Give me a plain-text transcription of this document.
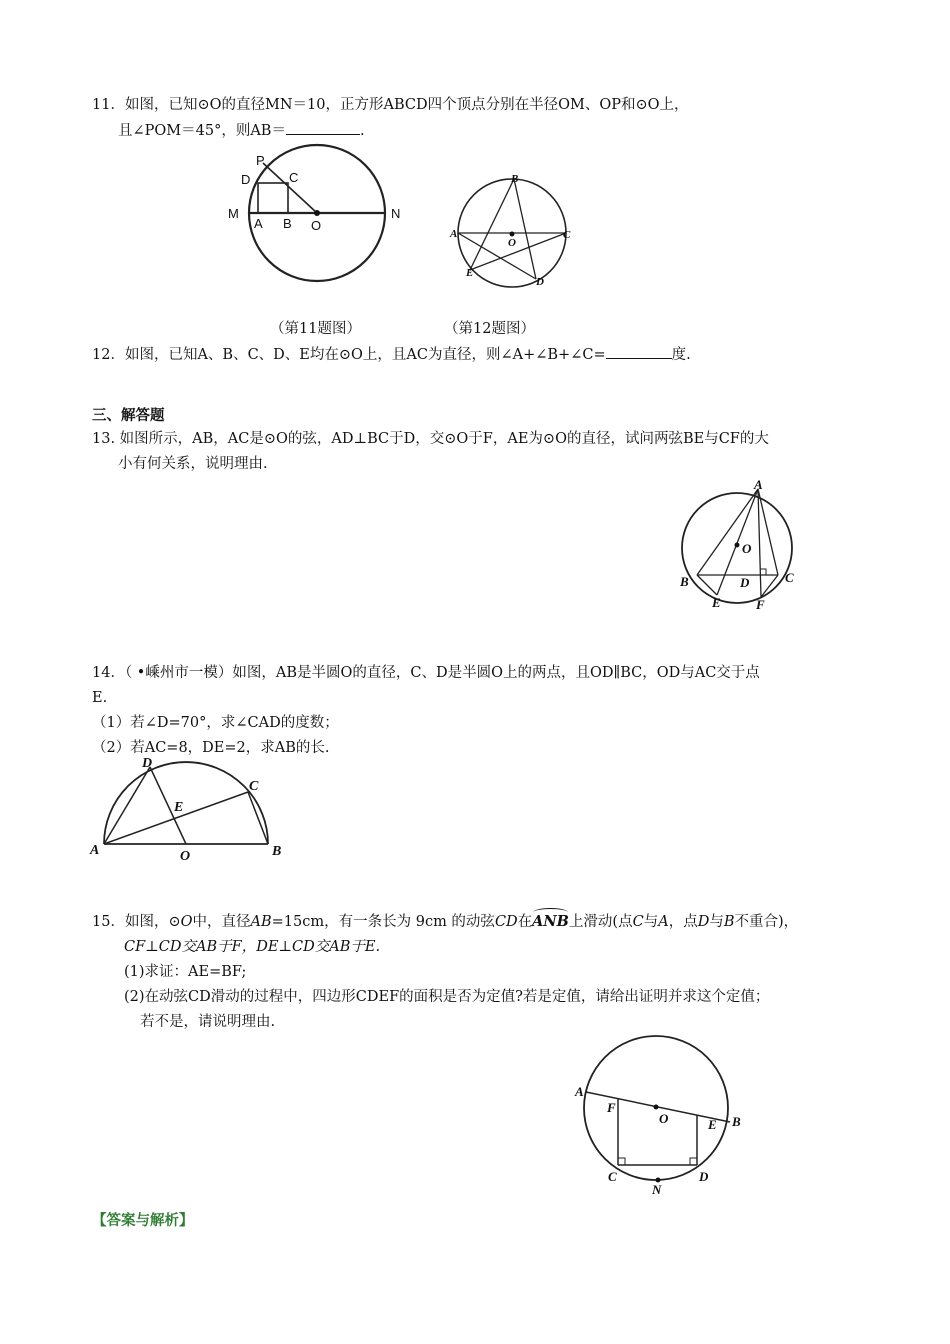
11．如图，已知⊙O的直径MN＝10，正方形ABCD四个顶点分别在半径OM、OP和⊙O上，
且∠POM＝45°，则AB＝	.
P
D	C
M
A B O
N
B
A	C
O
E
D
（第11题图）	（第12题图）
12．如图，已知A、B、C、D、E均在⊙O上，且AC为直径，则∠A+∠B+∠C=	度.
三、解答题
13. 如图所示，AB，AC是⊙O的弦，AD⊥BC于D，交⊙O于F，AE为⊙O的直径，试问两弦BE与CF的大
小有何关系，说明理由.
A
O
B	C
D
E	F
14．（ •嵊州市一模）如图，AB是半圆O的直径，C、D是半圆O上的两点，且OD∥BC，OD与AC交于点
E.
（1）若∠D=70°，求∠CAD的度数；
（2）若AC=8，DE=2，求AB的长.
D
C
E
A	O	B
15．如图，⊙O中，直径AB=15cm，有一条长为 9cm 的动弦CD在
ANB上滑动(点C与A，点D与B不重合)，
CF⊥CD交AB于F，DE⊥CD交AB于E.
(1)求证：AE=BF;
(2)在动弦CD滑动的过程中，四边形CDEF的面积是否为定值?若是定值，请给出证明并求这个定值；
若不是，请说明理由.
A
F
O	E B
C	D
N
【答案与解析】
